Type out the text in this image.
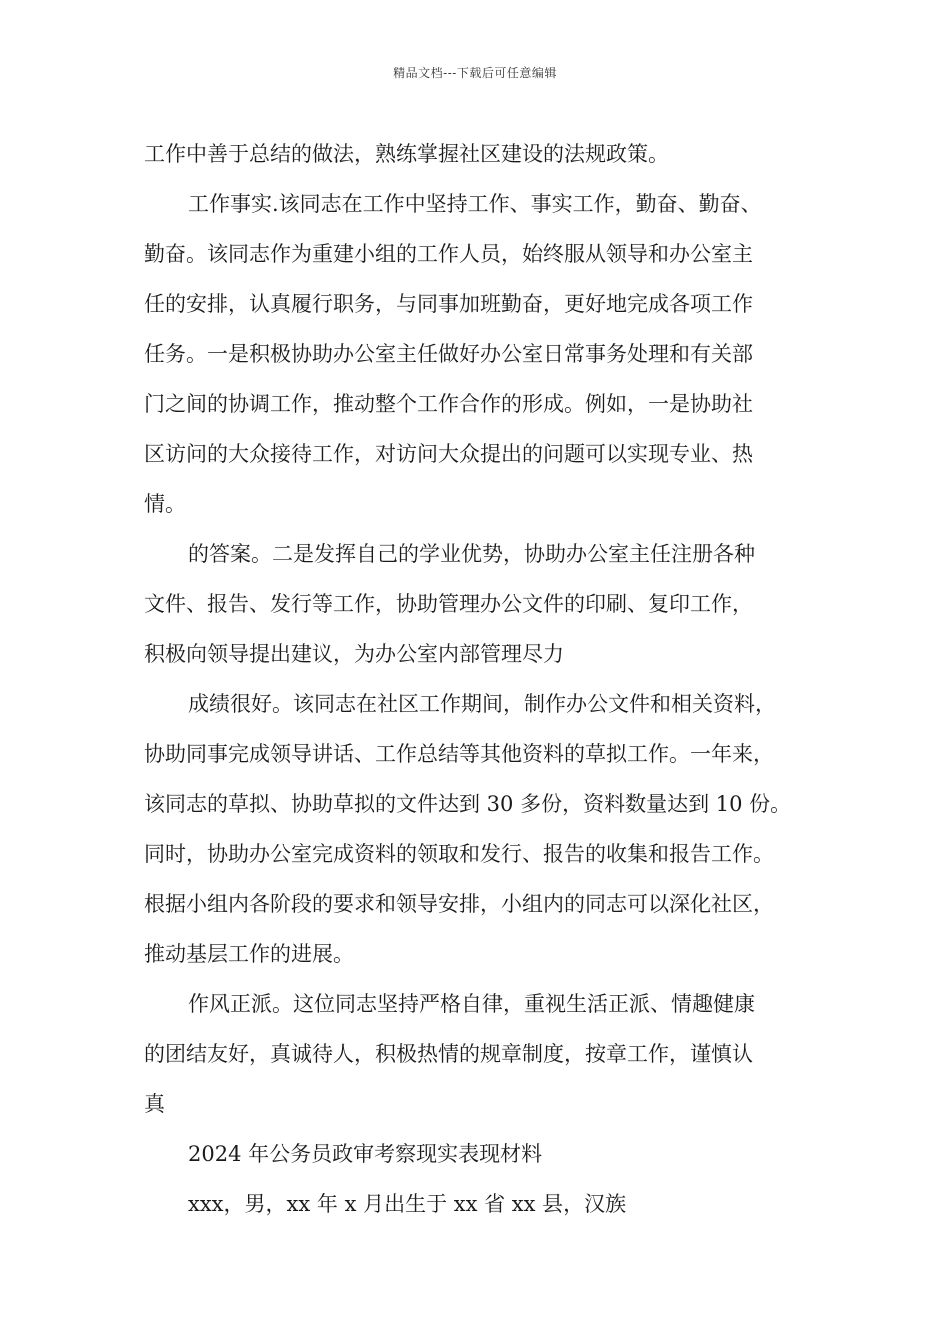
精品文档---下载后可任意编辑
工作中善于总结的做法，熟练掌握社区建设的法规政策。
工作事实.该同志在工作中坚持工作、事实工作，勤奋、勤奋、
勤奋。该同志作为重建小组的工作人员，始终服从领导和办公室主
任的安排，认真履行职务，与同事加班勤奋，更好地完成各项工作
任务。一是积极协助办公室主任做好办公室日常事务处理和有关部
门之间的协调工作，推动整个工作合作的形成。例如，一是协助社
区访问的大众接待工作，对访问大众提出的问题可以实现专业、热
情。
的答案。二是发挥自己的学业优势，协助办公室主任注册各种
文件、报告、发行等工作，协助管理办公文件的印刷、复印工作，
积极向领导提出建议，为办公室内部管理尽力
成绩很好。该同志在社区工作期间，制作办公文件和相关资料，
协助同事完成领导讲话、工作总结等其他资料的草拟工作。一年来，
该同志的草拟、协助草拟的文件达到 30 多份，资料数量达到 10 份。
同时，协助办公室完成资料的领取和发行、报告的收集和报告工作。
根据小组内各阶段的要求和领导安排，小组内的同志可以深化社区，
推动基层工作的进展。
作风正派。这位同志坚持严格自律，重视生活正派、情趣健康
的团结友好，真诚待人，积极热情的规章制度，按章工作，谨慎认
真
2024 年公务员政审考察现实表现材料
xxx，男，xx 年 x 月出生于 xx 省 xx 县，汉族
